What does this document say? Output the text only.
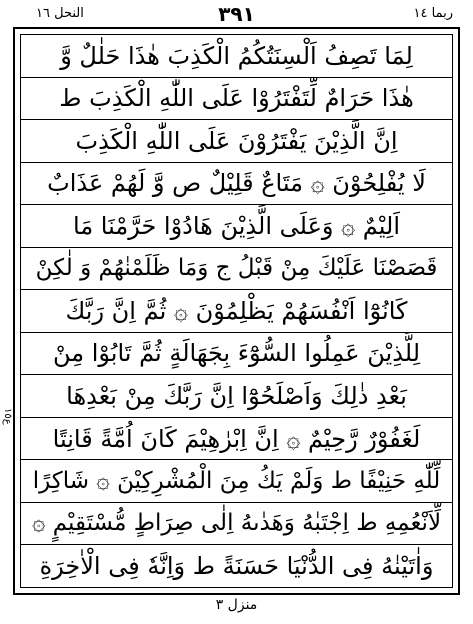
النحل ١٦	٣٩١	ربما ١٤
ع١٥
لِمَا تَصِفُ اَلْسِنَتُكُمُ الْكَذِبَ هٰذَا حَلٰلٌ وَّ
هٰذَا حَرَامٌ لِّتَفْتَرُوْا عَلَى اللّٰهِ الْكَذِبَ ط
اِنَّ الَّذِيْنَ يَفْتَرُوْنَ عَلَى اللّٰهِ الْكَذِبَ
لَا يُفْلِحُوْنَ ۞ مَتَاعٌ قَلِيْلٌ ص وَّ لَهُمْ عَذَابٌ
اَلِيْمٌ ۞ وَعَلَى الَّذِيْنَ هَادُوْا حَرَّمْنَا مَا
قَصَصْنَا عَلَيْكَ مِنْ قَبْلُ ج وَمَا ظَلَمْنٰهُمْ وَ لٰكِنْ
كَانُوْٓا اَنْفُسَهُمْ يَظْلِمُوْنَ ۞ ثُمَّ اِنَّ رَبَّكَ
لِلَّذِيْنَ عَمِلُوا السُّوْٓءَ بِجَهَالَةٍ ثُمَّ تَابُوْا مِنْ
بَعْدِ ذٰلِكَ وَاَصْلَحُوْٓا اِنَّ رَبَّكَ مِنْ بَعْدِهَا
لَغَفُوْرٌ رَّحِيْمٌ ۞ اِنَّ اِبْرٰهِيْمَ كَانَ اُمَّةً قَانِتًا
لِّلّٰهِ حَنِيْفًا ط وَلَمْ يَكُ مِنَ الْمُشْرِكِيْنَ ۞ شَاكِرًا
لِّاَنْعُمِهِ ط اِجْتَبٰهُ وَهَدٰىهُ اِلٰى صِرَاطٍ مُّسْتَقِيْمٍ ۞
وَاٰتَيْنٰهُ فِى الدُّنْيَا حَسَنَةً ط وَاِنَّهٗ فِى الْاٰخِرَةِ
منزل ٣
